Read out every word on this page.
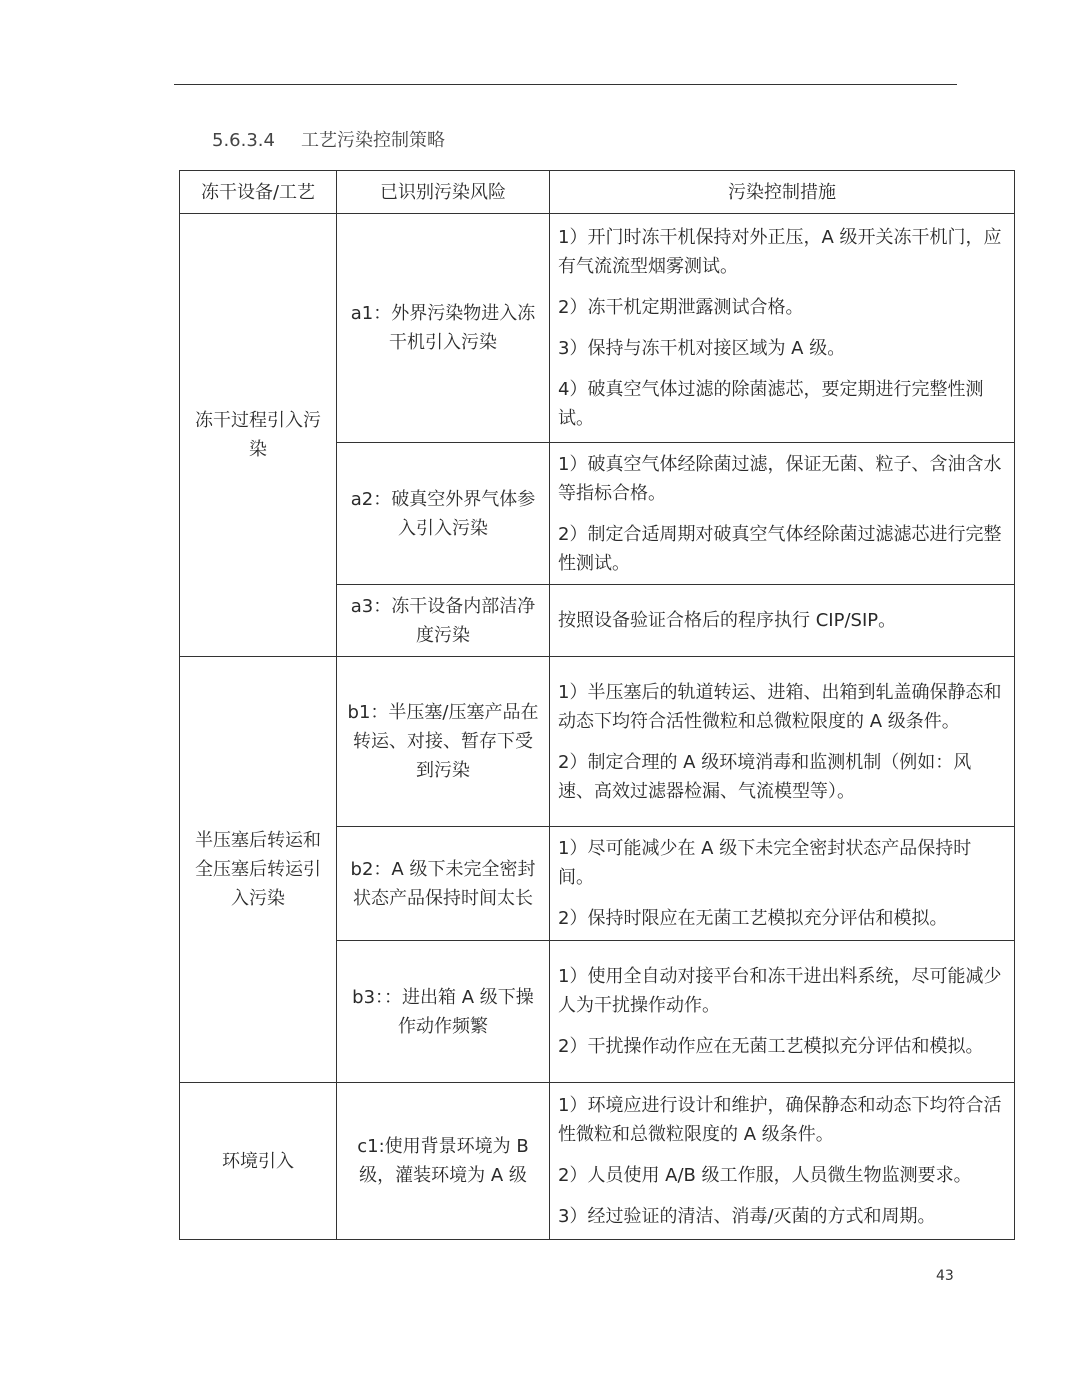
5.6.3.4 工艺污染控制策略
冻干设备/工艺	已识别污染风险	污染控制措施
冻干过程引入污染	a1：外界污染物进入冻干机引入污染	1）开门时冻干机保持对外正压，A 级开关冻干机门，应有气流流型烟雾测试。

2）冻干机定期泄露测试合格。

3）保持与冻干机对接区域为 A 级。

4）破真空气体过滤的除菌滤芯，要定期进行完整性测试。

	a2：破真空外界气体参入引入污染	1）破真空气体经除菌过滤，保证无菌、粒子、含油含水等指标合格。

2）制定合适周期对破真空气体经除菌过滤滤芯进行完整性测试。

	a3：冻干设备内部洁净度污染	按照设备验证合格后的程序执行 CIP/SIP。

半压塞后转运和全压塞后转运引入污染	b1：半压塞/压塞产品在转运、对接、暂存下受到污染	1）半压塞后的轨道转运、进箱、出箱到轧盖确保静态和动态下均符合活性微粒和总微粒限度的 A 级条件。

2）制定合理的 A 级环境消毒和监测机制（例如：风速、高效过滤器检漏、气流模型等）。

	b2：A 级下未完全密封状态产品保持时间太长	1）尽可能减少在 A 级下未完全密封状态产品保持时间。

2）保持时限应在无菌工艺模拟充分评估和模拟。

	b3：：进出箱 A 级下操作动作频繁	1）使用全自动对接平台和冻干进出料系统，尽可能减少人为干扰操作动作。

2）干扰操作动作应在无菌工艺模拟充分评估和模拟。

环境引入	c1:使用背景环境为 B 级，灌装环境为 A 级	1）环境应进行设计和维护，确保静态和动态下均符合活性微粒和总微粒限度的 A 级条件。

2）人员使用 A/B 级工作服，人员微生物监测要求。

3）经过验证的清洁、消毒/灭菌的方式和周期。

43
